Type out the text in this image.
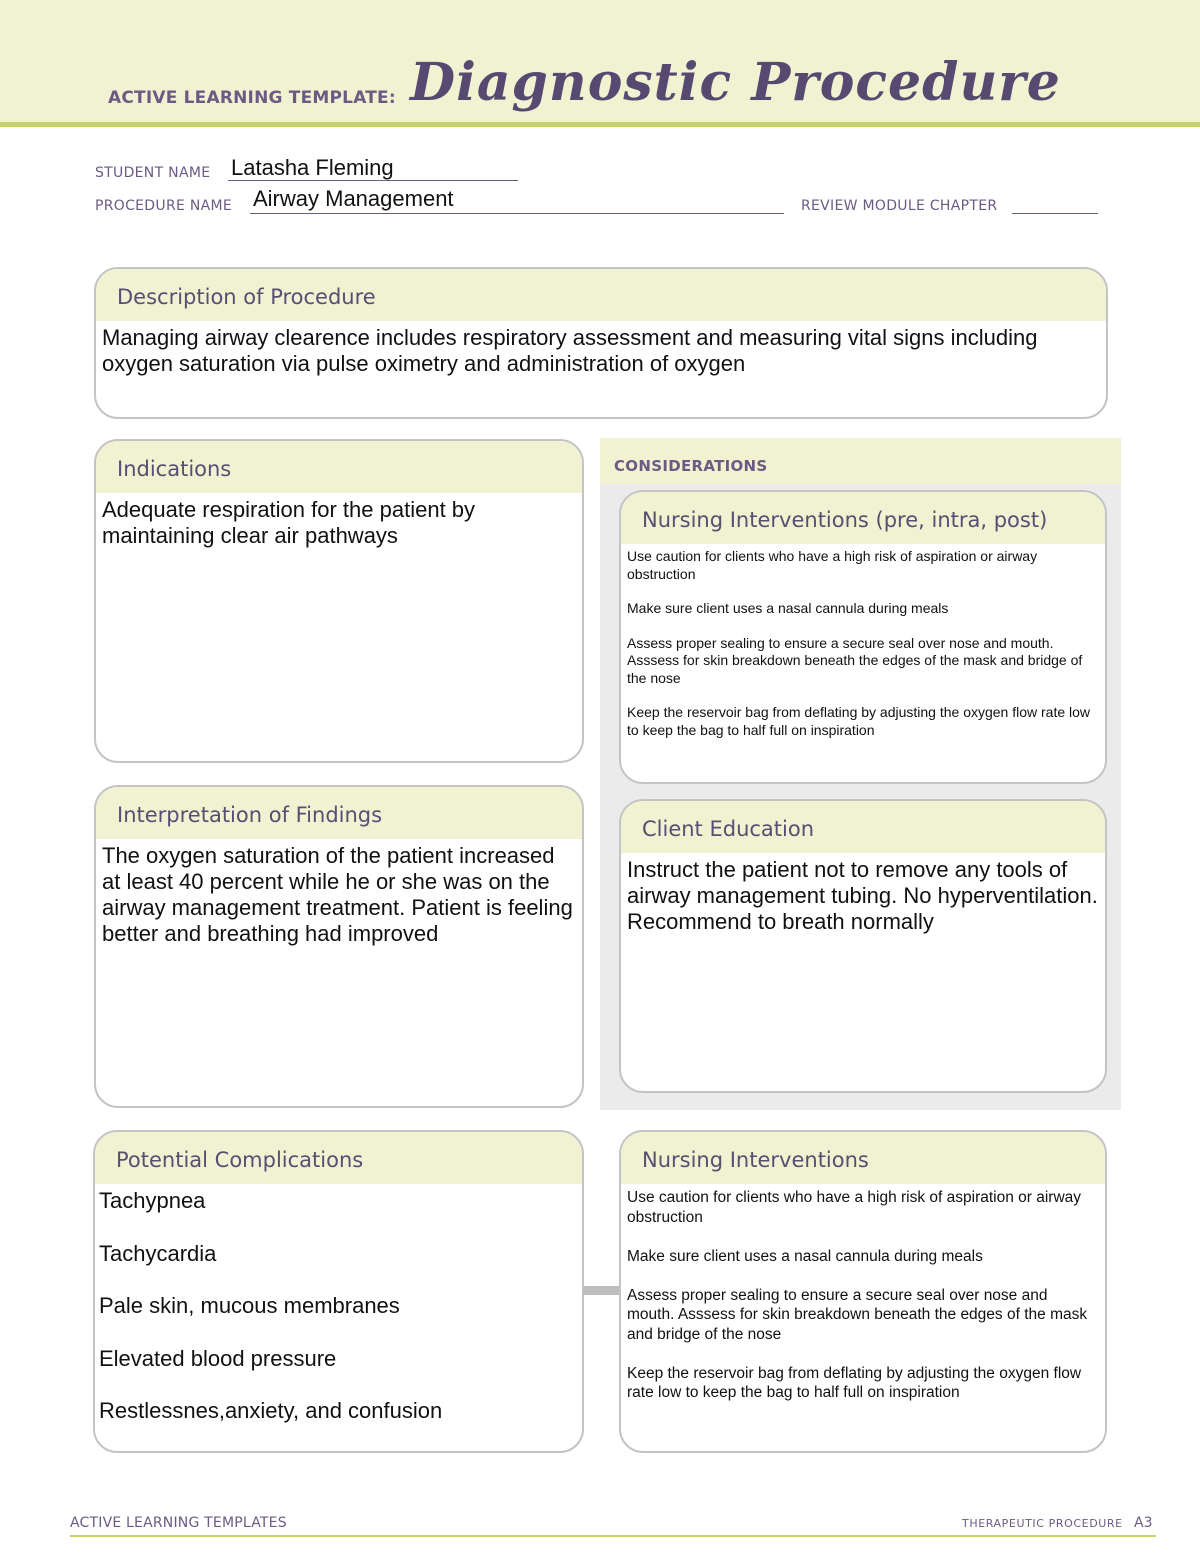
ACTIVE LEARNING TEMPLATE: Diagnostic Procedure
STUDENT NAME Latasha Fleming
PROCEDURE NAME Airway Management	REVIEW MODULE CHAPTER
Description of Procedure
Managing airway clearence includes respiratory assessment and measuring vital signs including oxygen saturation via pulse oximetry and administration of oxygen
Indications
Adequate respiration for the patient by maintaining clear air pathways
CONSIDERATIONS
Nursing Interventions (pre, intra, post)

Use caution for clients who have a high risk of aspiration or airway obstruction

Make sure client uses a nasal cannula during meals

Assess proper sealing to ensure a secure seal over nose and mouth. Asssess for skin breakdown beneath the edges of the mask and bridge of the nose

Keep the reservoir bag from deflating by adjusting the oxygen flow rate low to keep the bag to half full on inspiration

Client Education
Instruct the patient not to remove any tools of airway management tubing. No hyperventilation. Recommend to breath normally
Interpretation of Findings
The oxygen saturation of the patient increased at least 40 percent while he or she was on the airway management treatment. Patient is feeling better and breathing had improved
Potential Complications

Tachypnea

Tachycardia

Pale skin, mucous membranes

Elevated blood pressure

Restlessnes,anxiety, and confusion

Nursing Interventions

Use caution for clients who have a high risk of aspiration or airway obstruction

Make sure client uses a nasal cannula during meals

Assess proper sealing to ensure a secure seal over nose and mouth. Asssess for skin breakdown beneath the edges of the mask and bridge of the nose

Keep the reservoir bag from deflating by adjusting the oxygen flow rate low to keep the bag to half full on inspiration

ACTIVE LEARNING TEMPLATES	THERAPEUTIC PROCEDURE A3
